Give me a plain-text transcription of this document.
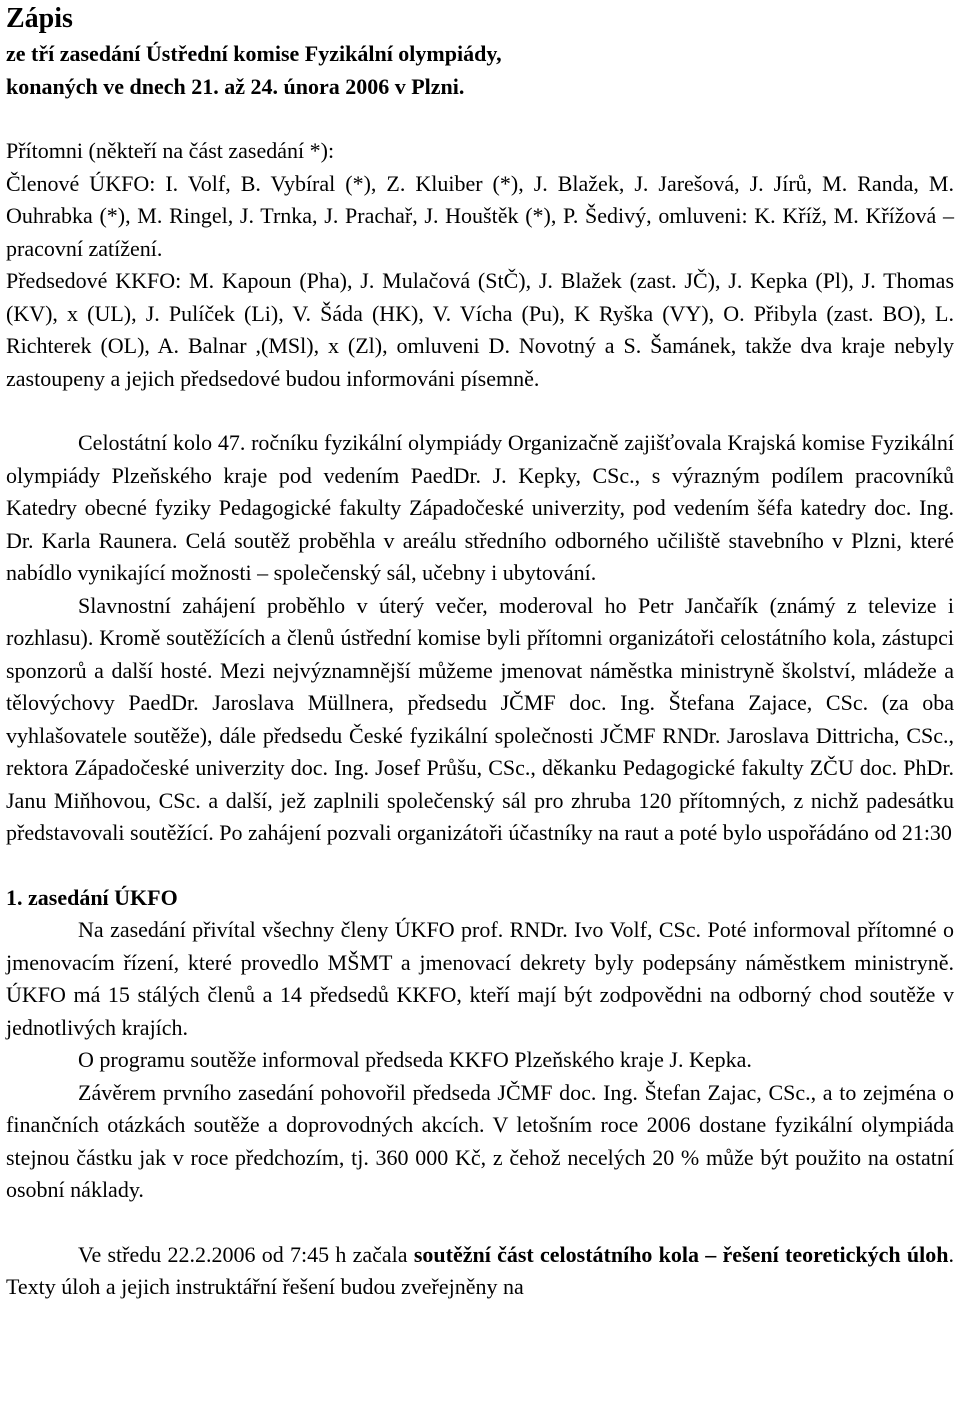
Zápis

ze tří zasedání Ústřední komise Fyzikální olympiády,

konaných ve dnech 21. až 24. února 2006 v Plzni.

Přítomni (někteří na část zasedání *):

Členové ÚKFO: I. Volf, B. Vybíral (*), Z. Kluiber (*), J. Blažek, J. Jarešová, J. Jírů, M. Randa, M. Ouhrabka (*), M. Ringel, J. Trnka, J. Prachař, J. Houštěk (*), P. Šedivý, omluveni: K. Kříž, M. Křížová – pracovní zatížení.

Předsedové KKFO: M. Kapoun (Pha), J. Mulačová (StČ), J. Blažek (zast. JČ), J. Kepka (Pl), J. Thomas (KV), x (UL), J. Pulíček (Li), V. Šáda (HK), V. Vícha (Pu), K Ryška (VY), O. Přibyla (zast. BO), L. Richterek (OL), A. Balnar ,(MSl), x (Zl), omluveni D. Novotný a S. Šamánek, takže dva kraje nebyly zastoupeny a jejich předsedové budou informováni písemně.

Celostátní kolo 47. ročníku fyzikální olympiády Organizačně zajišťovala Krajská komise Fyzikální olympiády Plzeňského kraje pod vedením PaedDr. J. Kepky, CSc., s výrazným podílem pracovníků Katedry obecné fyziky Pedagogické fakulty Západočeské univerzity, pod vedením šéfa katedry doc. Ing. Dr. Karla Raunera. Celá soutěž proběhla v areálu středního odborného učiliště stavebního v Plzni, které nabídlo vynikající možnosti – společenský sál, učebny i ubytování.

Slavnostní zahájení proběhlo v úterý večer, moderoval ho Petr Jančařík (známý z televize i rozhlasu). Kromě soutěžících a členů ústřední komise byli přítomni organizátoři celostátního kola, zástupci sponzorů a další hosté. Mezi nejvýznamnější můžeme jmenovat náměstka ministryně školství, mládeže a tělovýchovy PaedDr. Jaroslava Müllnera, předsedu JČMF doc. Ing. Štefana Zajace, CSc. (za oba vyhlašovatele soutěže), dále předsedu České fyzikální společnosti JČMF RNDr. Jaroslava Dittricha, CSc., rektora Západočeské univerzity doc. Ing. Josef Průšu, CSc., děkanku Pedagogické fakulty ZČU doc. PhDr. Janu Miňhovou, CSc. a další, jež zaplnili společenský sál pro zhruba 120 přítomných, z nichž padesátku představovali soutěžící. Po zahájení pozvali organizátoři účastníky na raut a poté bylo uspořádáno od 21:30

1. zasedání ÚKFO

Na zasedání přivítal všechny členy ÚKFO prof. RNDr. Ivo Volf, CSc. Poté informoval přítomné o jmenovacím řízení, které provedlo MŠMT a jmenovací dekrety byly podepsány náměstkem ministryně. ÚKFO má 15 stálých členů a 14 předsedů KKFO, kteří mají být zodpovědni na odborný chod soutěže v jednotlivých krajích.

O programu soutěže informoval předseda KKFO Plzeňského kraje J. Kepka.

Závěrem prvního zasedání pohovořil předseda JČMF doc. Ing. Štefan Zajac, CSc., a to zejména o finančních otázkách soutěže a doprovodných akcích. V letošním roce 2006 dostane fyzikální olympiáda stejnou částku jak v roce předchozím, tj. 360 000 Kč, z čehož necelých 20 % může být použito na ostatní osobní náklady.

Ve středu 22.2.2006 od 7:45 h začala soutěžní část celostátního kola – řešení teoretických úloh. Texty úloh a jejich instruktářní řešení budou zveřejněny na
